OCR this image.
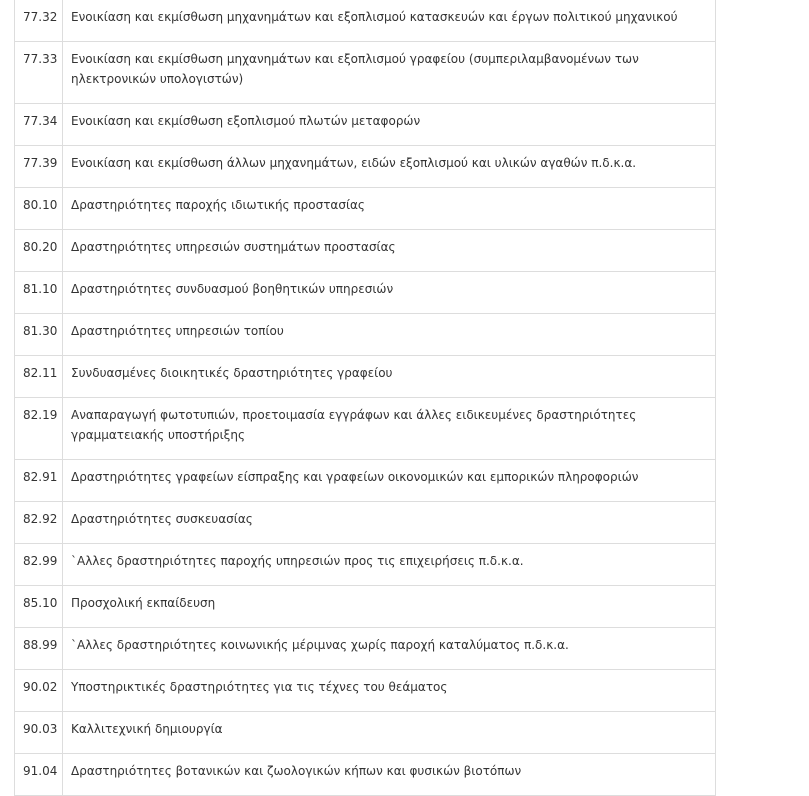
77.32	Ενοικίαση και εκμίσθωση μηχανημάτων και εξοπλισμού κατασκευών και έργων πολιτικού μηχανικού
77.33	Ενοικίαση και εκμίσθωση μηχανημάτων και εξοπλισμού γραφείου (συμπεριλαμβανομένων των ηλεκτρονικών υπολογιστών)
77.34	Ενοικίαση και εκμίσθωση εξοπλισμού πλωτών μεταφορών
77.39	Ενοικίαση και εκμίσθωση άλλων μηχανημάτων, ειδών εξοπλισμού και υλικών αγαθών π.δ.κ.α.
80.10	Δραστηριότητες παροχής ιδιωτικής προστασίας
80.20	Δραστηριότητες υπηρεσιών συστημάτων προστασίας
81.10	Δραστηριότητες συνδυασμού βοηθητικών υπηρεσιών
81.30	Δραστηριότητες υπηρεσιών τοπίου
82.11	Συνδυασμένες διοικητικές δραστηριότητες γραφείου
82.19	Αναπαραγωγή φωτοτυπιών, προετοιμασία εγγράφων και άλλες ειδικευμένες δραστηριότητες γραμματειακής υποστήριξης
82.91	Δραστηριότητες γραφείων είσπραξης και γραφείων οικονομικών και εμπορικών πληροφοριών
82.92	Δραστηριότητες συσκευασίας
82.99	`Αλλες δραστηριότητες παροχής υπηρεσιών προς τις επιχειρήσεις π.δ.κ.α.
85.10	Προσχολική εκπαίδευση
88.99	`Αλλες δραστηριότητες κοινωνικής μέριμνας χωρίς παροχή καταλύματος π.δ.κ.α.
90.02	Υποστηρικτικές δραστηριότητες για τις τέχνες του θεάματος
90.03	Καλλιτεχνική δημιουργία
91.04	Δραστηριότητες βοτανικών και ζωολογικών κήπων και φυσικών βιοτόπων
